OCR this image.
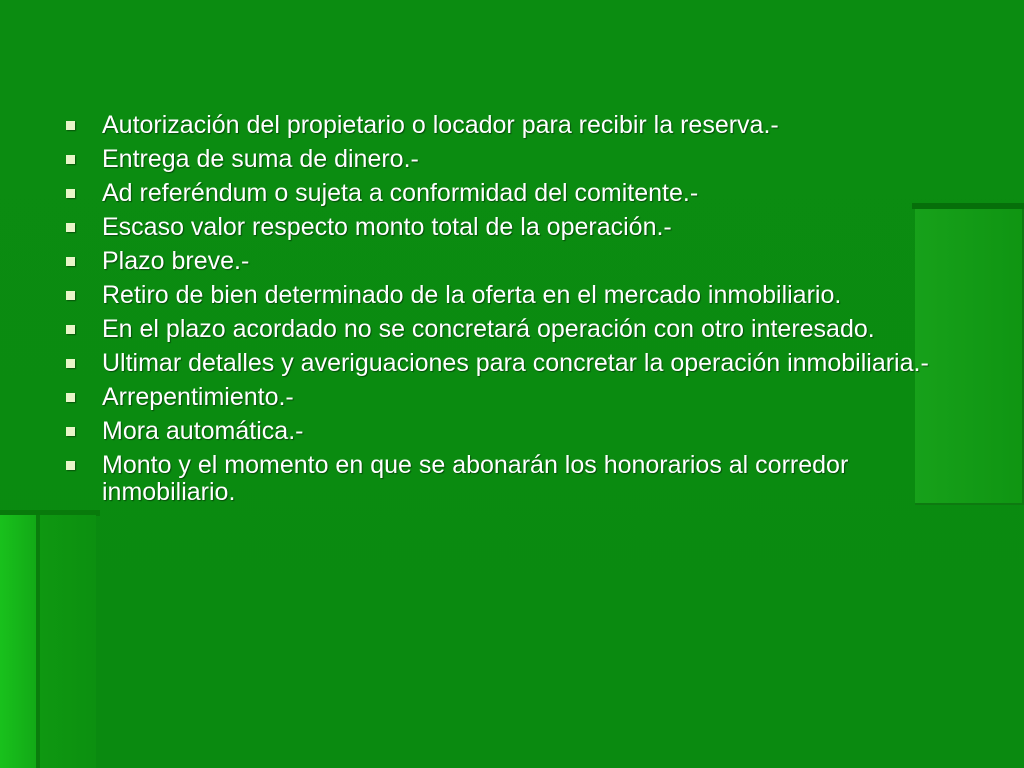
Autorización del propietario o locador para recibir la reserva.-
Entrega de suma de dinero.-
Ad referéndum o sujeta a conformidad del comitente.-
Escaso valor respecto monto total de la operación.-
Plazo breve.-
Retiro de bien determinado de la oferta en el mercado inmobiliario.
En el plazo acordado no se concretará operación con otro interesado.
Ultimar detalles y averiguaciones para concretar la operación inmobiliaria.-
Arrepentimiento.-
Mora automática.-
Monto y el momento en que se abonarán los honorarios al corredor inmobiliario.
